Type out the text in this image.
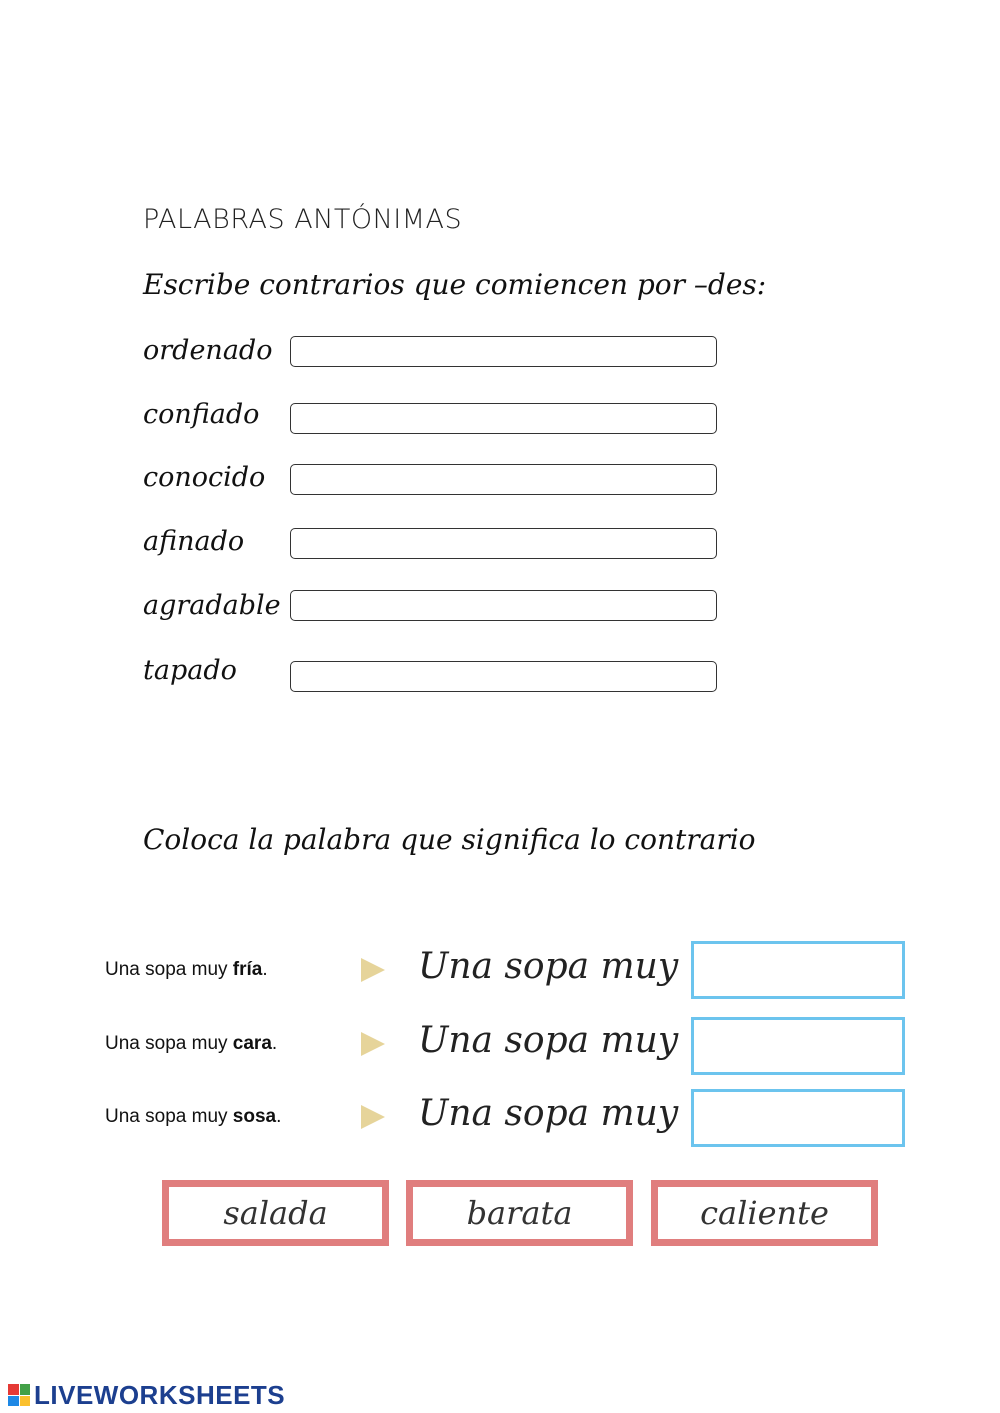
PALABRAS ANTÓNIMAS
Escribe contrarios que comiencen por –des:
ordenado
confiado
conocido
afinado
agradable
tapado
Coloca la palabra que significa lo contrario
Una sopa muy fría.	Una sopa muy
Una sopa muy cara.	Una sopa muy
Una sopa muy sosa.	Una sopa muy
salada	barata	caliente
LIVEWORKSHEETS
